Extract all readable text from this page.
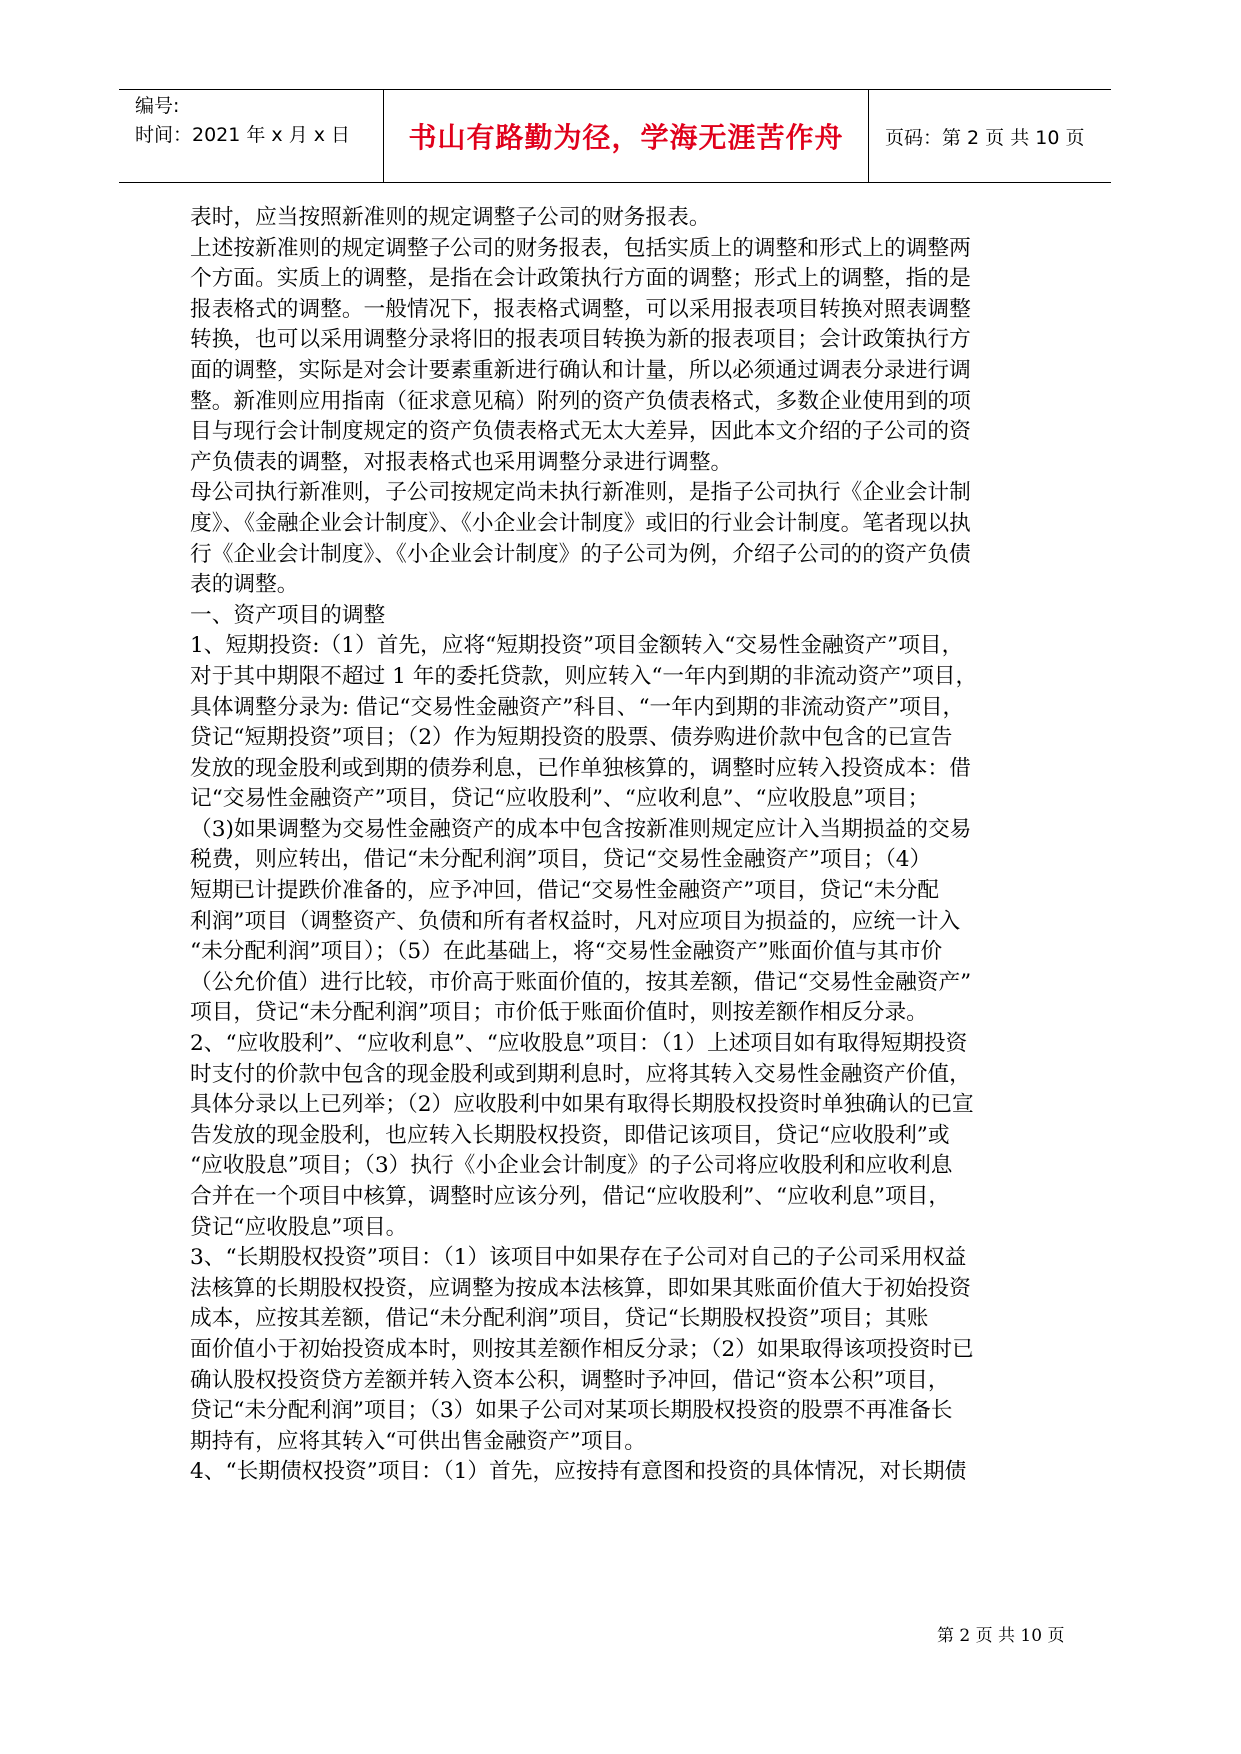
编号:
时间：2021 年 x 月 x 日	书山有路勤为径，学海无涯苦作舟 页码：第 2 页 共 10 页

表时，应当按照新准则的规定调整子公司的财务报表。

上述按新准则的规定调整子公司的财务报表，包括实质上的调整和形式上的调整两

个方面。实质上的调整，是指在会计政策执行方面的调整；形式上的调整，指的是

报表格式的调整。一般情况下，报表格式调整，可以采用报表项目转换对照表调整

转换，也可以采用调整分录将旧的报表项目转换为新的报表项目；会计政策执行方

面的调整，实际是对会计要素重新进行确认和计量，所以必须通过调表分录进行调

整。新准则应用指南（征求意见稿）附列的资产负债表格式，多数企业使用到的项

目与现行会计制度规定的资产负债表格式无太大差异，因此本文介绍的子公司的资

产负债表的调整，对报表格式也采用调整分录进行调整。

母公司执行新准则，子公司按规定尚未执行新准则，是指子公司执行《企业会计制

度》、《金融企业会计制度》、《小企业会计制度》或旧的行业会计制度。笔者现以执

行《企业会计制度》、《小企业会计制度》的子公司为例，介绍子公司的的资产负债

表的调整。

一、资产项目的调整

1、短期投资:（1）首先，应将“短期投资”项目金额转入“交易性金融资产”项目，

对于其中期限不超过 1 年的委托贷款，则应转入“一年内到期的非流动资产”项目，

具体调整分录为: 借记“交易性金融资产”科目、“一年内到期的非流动资产”项目，

贷记“短期投资”项目；（2）作为短期投资的股票、债券购进价款中包含的已宣告

发放的现金股利或到期的债券利息，已作单独核算的，调整时应转入投资成本：借

记“交易性金融资产”项目，贷记“应收股利”、“应收利息”、“应收股息”项目；

（3)如果调整为交易性金融资产的成本中包含按新准则规定应计入当期损益的交易

税费，则应转出，借记“未分配利润”项目，贷记“交易性金融资产”项目；（4）

短期已计提跌价准备的，应予冲回，借记“交易性金融资产”项目，贷记“未分配

利润”项目（调整资产、负债和所有者权益时，凡对应项目为损益的，应统一计入

“未分配利润”项目）；（5）在此基础上，将“交易性金融资产”账面价值与其市价

（公允价值）进行比较，市价高于账面价值的，按其差额，借记“交易性金融资产”

项目，贷记“未分配利润”项目；市价低于账面价值时，则按差额作相反分录。

2、“应收股利”、“应收利息”、“应收股息”项目：（1）上述项目如有取得短期投资

时支付的价款中包含的现金股利或到期利息时，应将其转入交易性金融资产价值，

具体分录以上已列举；（2）应收股利中如果有取得长期股权投资时单独确认的已宣

告发放的现金股利，也应转入长期股权投资，即借记该项目，贷记“应收股利”或

“应收股息”项目；（3）执行《小企业会计制度》的子公司将应收股利和应收利息

合并在一个项目中核算，调整时应该分列，借记“应收股利”、“应收利息”项目，

贷记“应收股息”项目。

3、“长期股权投资”项目：（1）该项目中如果存在子公司对自己的子公司采用权益

法核算的长期股权投资，应调整为按成本法核算，即如果其账面价值大于初始投资

成本，应按其差额，借记“未分配利润”项目，贷记“长期股权投资”项目；其账

面价值小于初始投资成本时，则按其差额作相反分录；（2）如果取得该项投资时已

确认股权投资贷方差额并转入资本公积，调整时予冲回，借记“资本公积”项目，

贷记“未分配利润”项目；（3）如果子公司对某项长期股权投资的股票不再准备长

期持有，应将其转入“可供出售金融资产”项目。

4、“长期债权投资”项目：（1）首先，应按持有意图和投资的具体情况，对长期债

第 2 页 共 10 页
